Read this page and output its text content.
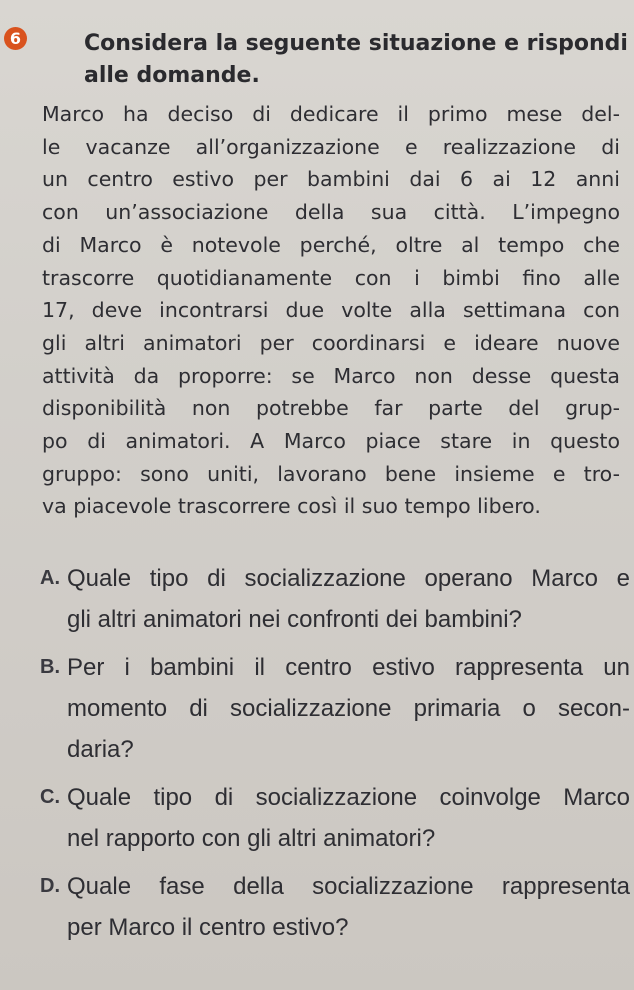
6	Considera la seguente situazione e rispondi
alle domande.
Marco ha deciso di dedicare il primo mese del-
le vacanze all’organizzazione e realizzazione di
un centro estivo per bambini dai 6 ai 12 anni
con un’associazione della sua città. L’impegno
di Marco è notevole perché, oltre al tempo che
trascorre quotidianamente con i bimbi fino alle
17, deve incontrarsi due volte alla settimana con
gli altri animatori per coordinarsi e ideare nuove
attività da proporre: se Marco non desse questa
disponibilità non potrebbe far parte del grup-
po di animatori. A Marco piace stare in questo
gruppo: sono uniti, lavorano bene insieme e tro-
va piacevole trascorrere così il suo tempo libero.
A. Quale tipo di socializzazione operano Marco e
gli altri animatori nei confronti dei bambini?
B. Per i bambini il centro estivo rappresenta un
momento di socializzazione primaria o secon-
daria?
C. Quale tipo di socializzazione coinvolge Marco
nel rapporto con gli altri animatori?
D. Quale fase della socializzazione rappresenta
per Marco il centro estivo?
